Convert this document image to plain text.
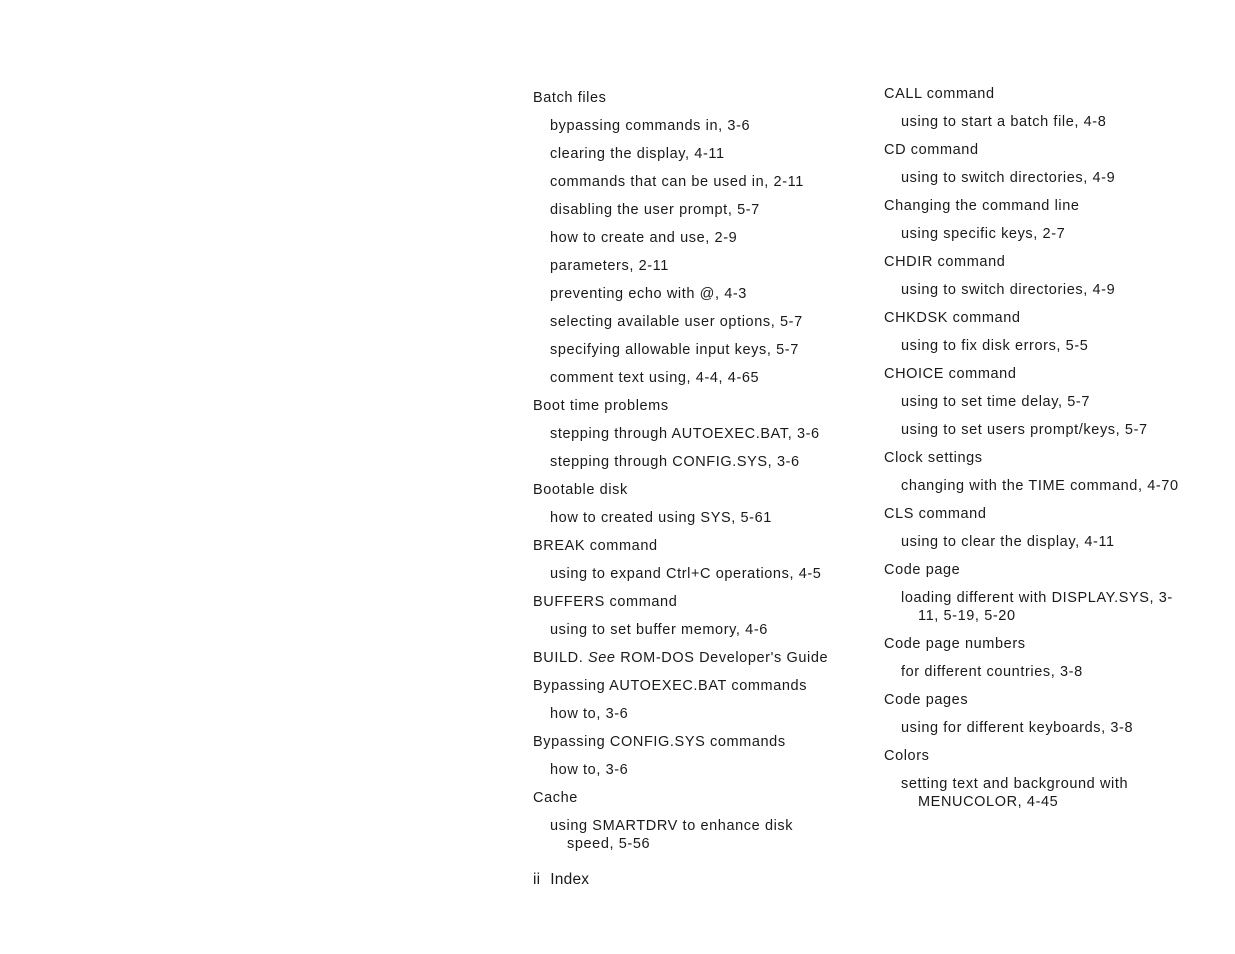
Batch files
bypassing commands in, 3-6
clearing the display, 4-11
commands that can be used in, 2-11
disabling the user prompt, 5-7
how to create and use, 2-9
parameters, 2-11
preventing echo with @, 4-3
selecting available user options, 5-7
specifying allowable input keys, 5-7
comment text using, 4-4, 4-65
Boot time problems
stepping through AUTOEXEC.BAT, 3-6
stepping through CONFIG.SYS, 3-6
Bootable disk
how to created using SYS, 5-61
BREAK command
using to expand Ctrl+C operations, 4-5
BUFFERS command
using to set buffer memory, 4-6
BUILD. See ROM-DOS Developer's Guide
Bypassing AUTOEXEC.BAT commands
how to, 3-6
Bypassing CONFIG.SYS commands
how to, 3-6
Cache
using SMARTDRV to enhance disk speed, 5-56
CALL command
using to start a batch file, 4-8
CD command
using to switch directories, 4-9
Changing the command line
using specific keys, 2-7
CHDIR command
using to switch directories, 4-9
CHKDSK command
using to fix disk errors, 5-5
CHOICE command
using to set time delay, 5-7
using to set users prompt/keys, 5-7
Clock settings
changing with the TIME command, 4-70
CLS command
using to clear the display, 4-11
Code page
loading different with DISPLAY.SYS, 3-11, 5-19, 5-20
Code page numbers
for different countries, 3-8
Code pages
using for different keyboards, 3-8
Colors
setting text and background with MENUCOLOR, 4-45
ii Index
